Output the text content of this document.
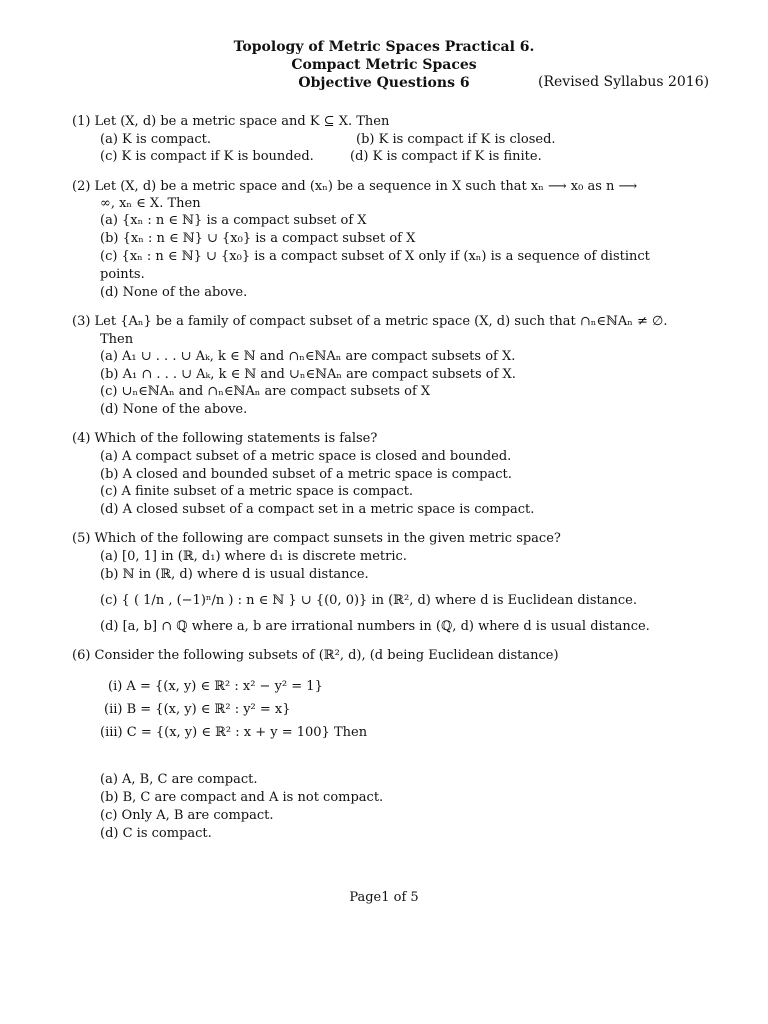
Topology of Metric Spaces Practical 6.
Compact Metric Spaces
Objective Questions 6	(Revised Syllabus 2016)
(1) Let (X, d) be a metric space and K ⊆ X. Then
(a) K is compact.	(b) K is compact if K is closed.
(c) K is compact if K is bounded.	(d) K is compact if K is finite.
(2) Let (X, d) be a metric space and (xₙ) be a sequence in X such that xₙ ⟶ x₀ as n ⟶
∞, xₙ ∈ X. Then
(a) {xₙ : n ∈ ℕ} is a compact subset of X
(b) {xₙ : n ∈ ℕ} ∪ {x₀} is a compact subset of X
(c) {xₙ : n ∈ ℕ} ∪ {x₀} is a compact subset of X only if (xₙ) is a sequence of distinct
points.
(d) None of the above.
(3) Let {Aₙ} be a family of compact subset of a metric space (X, d) such that ∩ₙ∈ℕAₙ ≠ ∅.
Then
(a) A₁ ∪ . . . ∪ Aₖ, k ∈ ℕ and ∩ₙ∈ℕAₙ are compact subsets of X.
(b) A₁ ∩ . . . ∪ Aₖ, k ∈ ℕ and ∪ₙ∈ℕAₙ are compact subsets of X.
(c) ∪ₙ∈ℕAₙ and ∩ₙ∈ℕAₙ are compact subsets of X
(d) None of the above.
(4) Which of the following statements is false?
(a) A compact subset of a metric space is closed and bounded.
(b) A closed and bounded subset of a metric space is compact.
(c) A finite subset of a metric space is compact.
(d) A closed subset of a compact set in a metric space is compact.
(5) Which of the following are compact sunsets in the given metric space?
(a) [0, 1] in (ℝ, d₁) where d₁ is discrete metric.
(b) ℕ in (ℝ, d) where d is usual distance.
(c) { ( 1/n , (−1)ⁿ/n ) : n ∈ ℕ } ∪ {(0, 0)} in (ℝ², d) where d is Euclidean distance.
(d) [a, b] ∩ ℚ where a, b are irrational numbers in (ℚ, d) where d is usual distance.
(6) Consider the following subsets of (ℝ², d), (d being Euclidean distance)
(i) A = {(x, y) ∈ ℝ² : x² − y² = 1}
(ii) B = {(x, y) ∈ ℝ² : y² = x}
(iii) C = {(x, y) ∈ ℝ² : x + y = 100} Then
(a) A, B, C are compact.
(b) B, C are compact and A is not compact.
(c) Only A, B are compact.
(d) C is compact.
Page1 of 5
